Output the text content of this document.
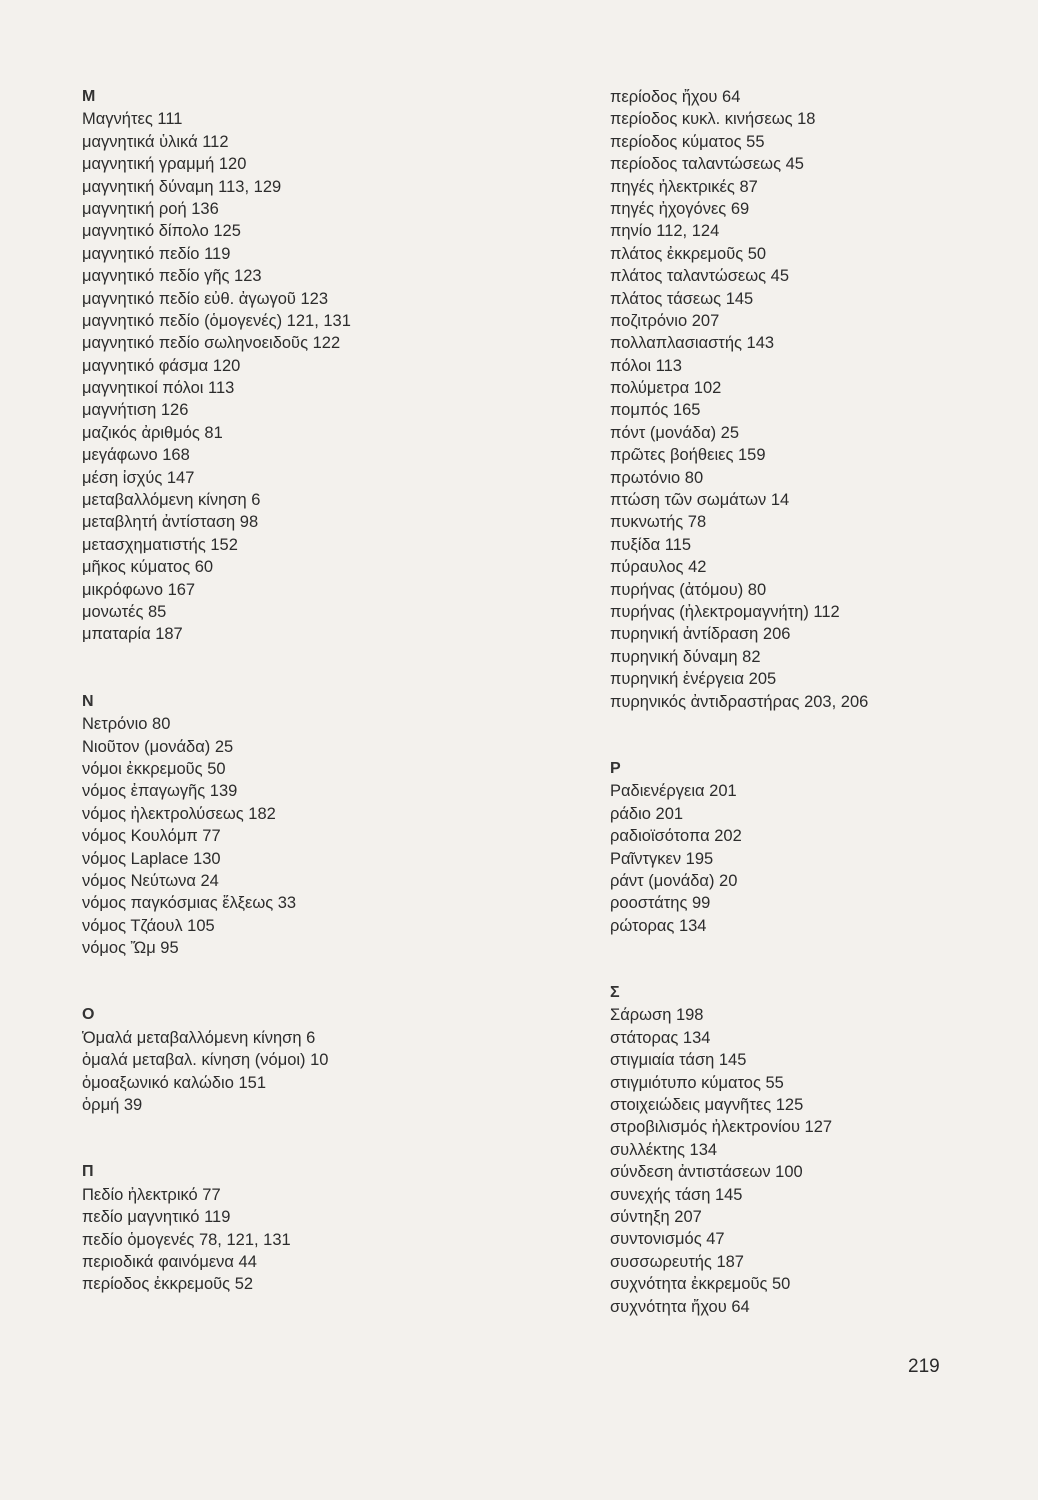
Μ
Μαγνήτες 111
μαγνητικά ὑλικά 112
μαγνητική γραμμή 120
μαγνητική δύναμη 113, 129
μαγνητική ροή 136
μαγνητικό δίπολο 125
μαγνητικό πεδίο 119
μαγνητικό πεδίο γῆς 123
μαγνητικό πεδίο εὐθ. ἀγωγοῦ 123
μαγνητικό πεδίο (ὁμογενές) 121, 131
μαγνητικό πεδίο σωληνοειδοῦς 122
μαγνητικό φάσμα 120
μαγνητικοί πόλοι 113
μαγνήτιση 126
μαζικός ἀριθμός 81
μεγάφωνο 168
μέση ἰσχύς 147
μεταβαλλόμενη κίνηση 6
μεταβλητή ἀντίσταση 98
μετασχηματιστής 152
μῆκος κύματος 60
μικρόφωνο 167
μονωτές 85
μπαταρία 187
Ν
Νετρόνιο 80
Νιοῦτον (μονάδα) 25
νόμοι ἐκκρεμοῦς 50
νόμος ἐπαγωγῆς 139
νόμος ἠλεκτρολύσεως 182
νόμος Κουλόμπ 77
νόμος Laplace 130
νόμος Νεύτωνα 24
νόμος παγκόσμιας ἕλξεως 33
νόμος Τζάουλ 105
νόμος Ὤμ 95
Ο
Ὁμαλά μεταβαλλόμενη κίνηση 6
ὁμαλά μεταβαλ. κίνηση (νόμοι) 10
ὁμοαξωνικό καλώδιο 151
ὁρμή 39
Π
Πεδίο ἠλεκτρικό 77
πεδίο μαγνητικό 119
πεδίο ὁμογενές 78, 121, 131
περιοδικά φαινόμενα 44
περίοδος ἐκκρεμοῦς 52
περίοδος ἤχου 64
περίοδος κυκλ. κινήσεως 18
περίοδος κύματος 55
περίοδος ταλαντώσεως 45
πηγές ἠλεκτρικές 87
πηγές ἠχογόνες 69
πηνίο 112, 124
πλάτος ἐκκρεμοῦς 50
πλάτος ταλαντώσεως 45
πλάτος τάσεως 145
ποζιτρόνιο 207
πολλαπλασιαστής 143
πόλοι 113
πολύμετρα 102
πομπός 165
πόντ (μονάδα) 25
πρῶτες βοήθειες 159
πρωτόνιο 80
πτώση τῶν σωμάτων 14
πυκνωτής 78
πυξίδα 115
πύραυλος 42
πυρήνας (ἀτόμου) 80
πυρήνας (ἠλεκτρομαγνήτη) 112
πυρηνική ἀντίδραση 206
πυρηνική δύναμη 82
πυρηνική ἐνέργεια 205
πυρηνικός ἀντιδραστήρας 203, 206
Ρ
Ραδιενέργεια 201
ράδιο 201
ραδιοϊσότοπα 202
Ραῖντγκεν 195
ράντ (μονάδα) 20
ροοστάτης 99
ρώτορας 134
Σ
Σάρωση 198
στάτορας 134
στιγμιαία τάση 145
στιγμιότυπο κύματος 55
στοιχειώδεις μαγνῆτες 125
στροβιλισμός ἠλεκτρονίου 127
συλλέκτης 134
σύνδεση ἀντιστάσεων 100
συνεχής τάση 145
σύντηξη 207
συντονισμός 47
συσσωρευτής 187
συχνότητα ἐκκρεμοῦς 50
συχνότητα ἤχου 64
219
